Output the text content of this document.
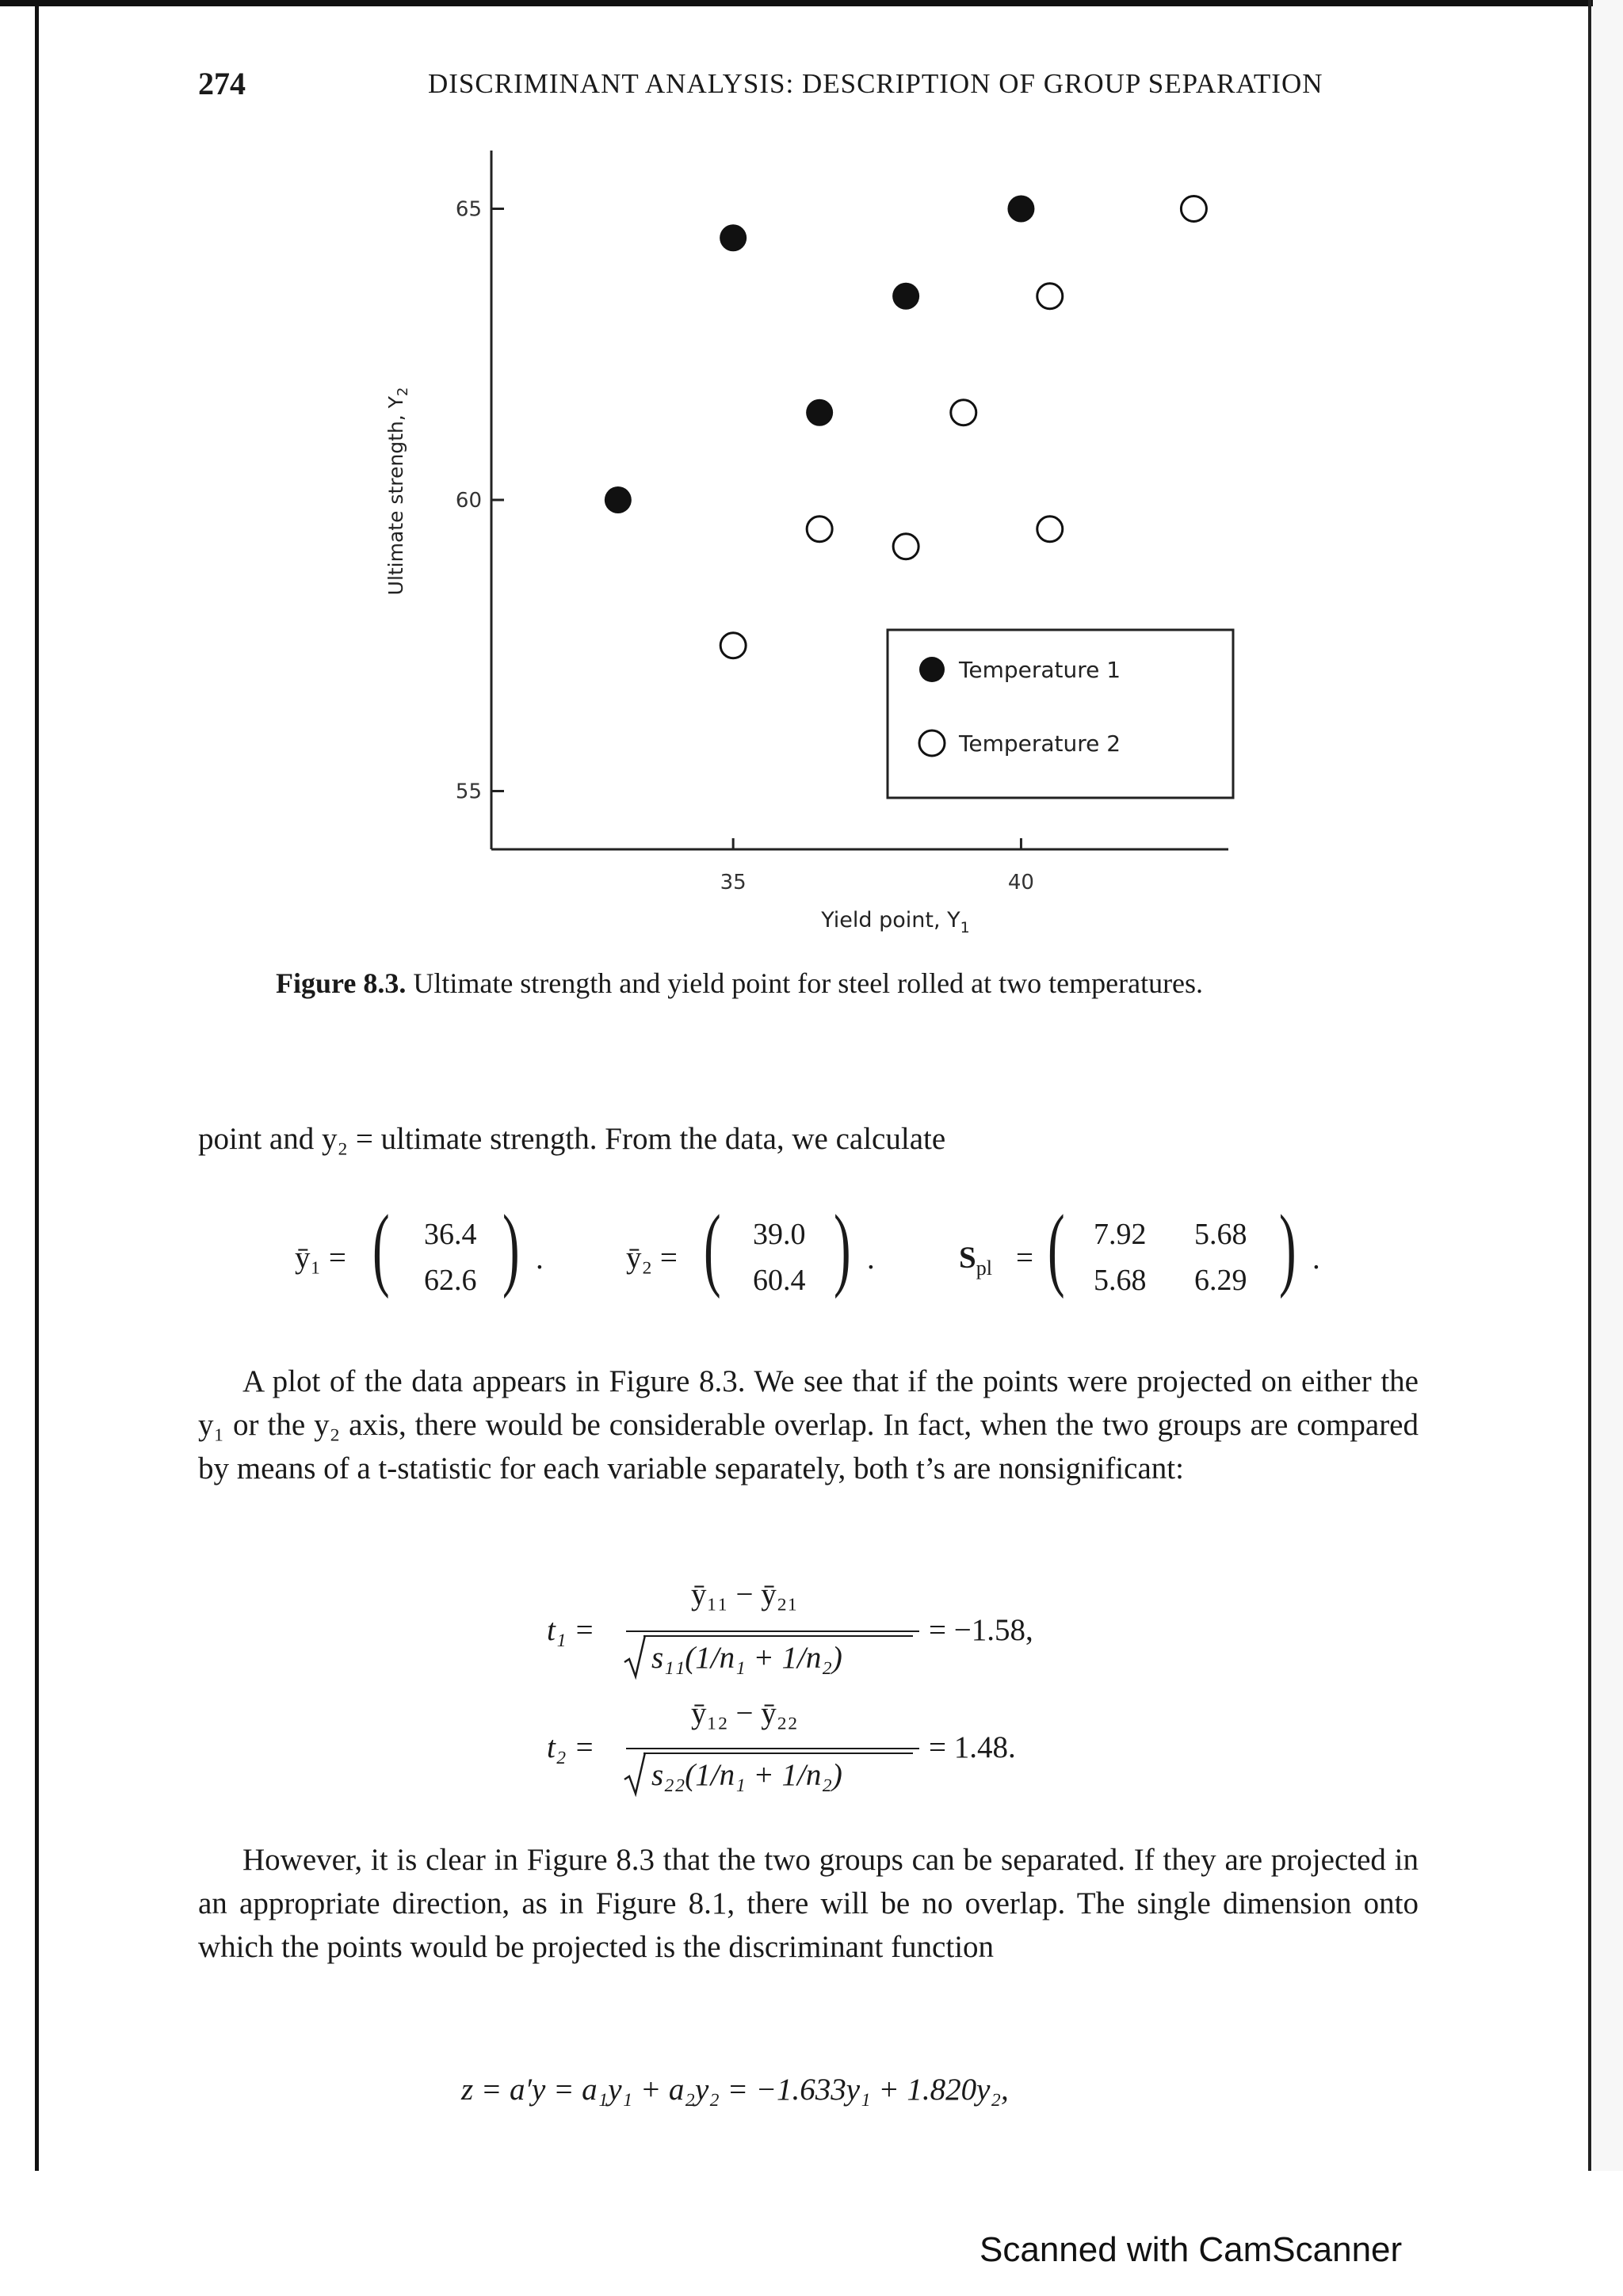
274	DISCRIMINANT ANALYSIS: DESCRIPTION OF GROUP SEPARATION
55
60
65
35	40
Yield point, $Y_1$
Ultimate strength, $Y_2$
Temperature 1
Temperature 2
Figure 8.3. Ultimate strength and yield point for steel rolled at two temperatures.
point and y₂ = ultimate strength. From the data, we calculate
ȳ₁ = ( 36.4
62.6 ) .	ȳ₂ = ( 39.0
60.4 ) .	$S_{pl}$ = ( 7.92 5.68
5.68 6.29 ) .
A plot of the data appears in Figure 8.3. We see that if the points were projected on either the y₁ or the y₂ axis, there would be considerable overlap. In fact, when the two groups are compared by means of a t-statistic for each variable separately, both t’s are nonsignificant:
t₁ =
ȳ₁₁ − ȳ₂₁
s₁₁(1/n₁ + 1/n₂)
= −1.58,
t₂ =
ȳ₁₂ − ȳ₂₂
s₂₂(1/n₁ + 1/n₂)
= 1.48.
However, it is clear in Figure 8.3 that the two groups can be separated. If they are projected in an appropriate direction, as in Figure 8.1, there will be no overlap. The single dimension onto which the points would be projected is the discriminant function
z = a′y = a₁y₁ + a₂y₂ = −1.633y₁ + 1.820y₂,
Scanned with CamScanner
